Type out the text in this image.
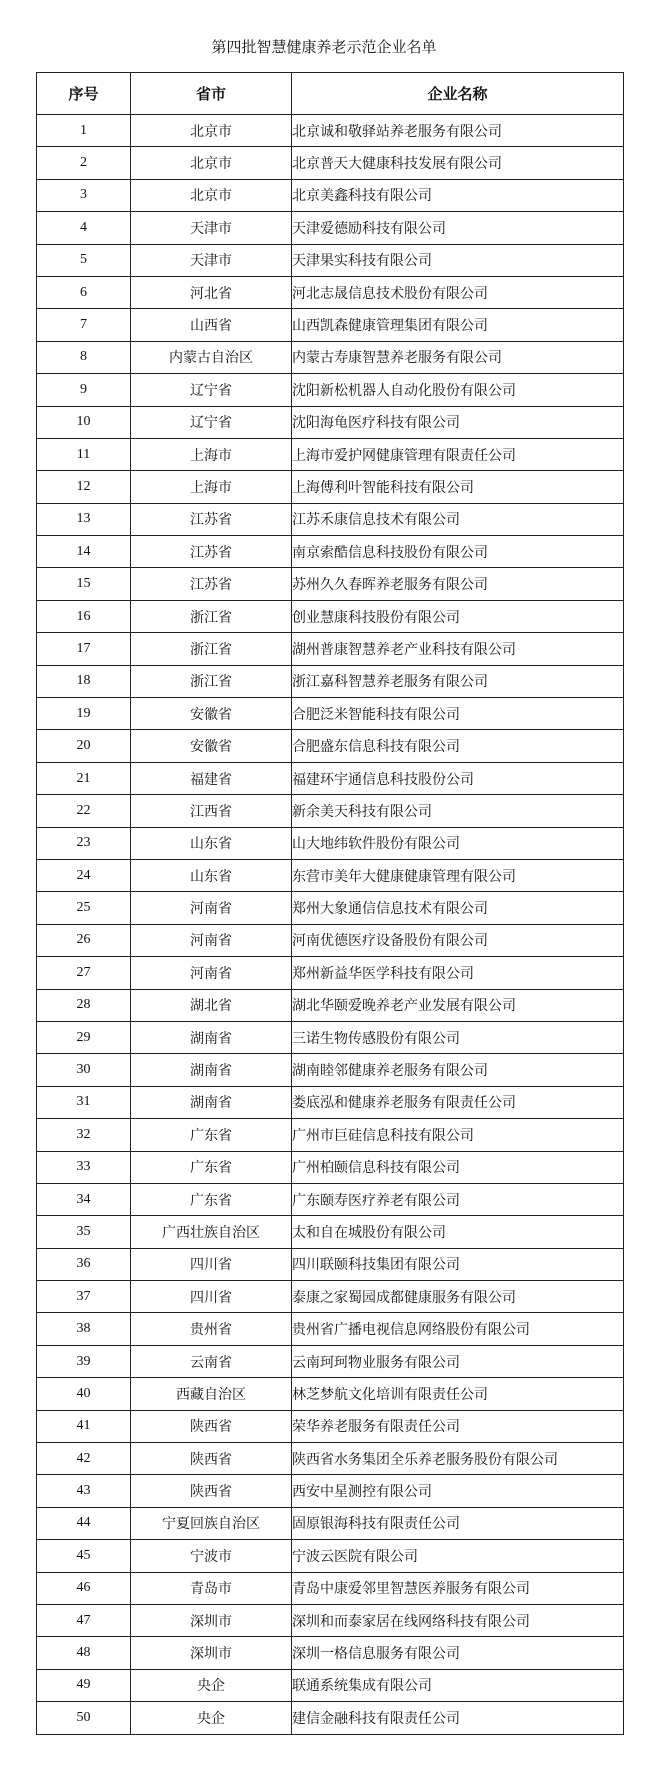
第四批智慧健康养老示范企业名单
序号	省市	企业名称
1	北京市	北京诚和敬驿站养老服务有限公司
2	北京市	北京普天大健康科技发展有限公司
3	北京市	北京美鑫科技有限公司
4	天津市	天津爱德励科技有限公司
5	天津市	天津果实科技有限公司
6	河北省	河北志晟信息技术股份有限公司
7	山西省	山西凯森健康管理集团有限公司
8	内蒙古自治区	内蒙古寿康智慧养老服务有限公司
9	辽宁省	沈阳新松机器人自动化股份有限公司
10	辽宁省	沈阳海龟医疗科技有限公司
11	上海市	上海市爱护网健康管理有限责任公司
12	上海市	上海傅利叶智能科技有限公司
13	江苏省	江苏禾康信息技术有限公司
14	江苏省	南京索酷信息科技股份有限公司
15	江苏省	苏州久久春晖养老服务有限公司
16	浙江省	创业慧康科技股份有限公司
17	浙江省	湖州普康智慧养老产业科技有限公司
18	浙江省	浙江嘉科智慧养老服务有限公司
19	安徽省	合肥泛米智能科技有限公司
20	安徽省	合肥盛东信息科技有限公司
21	福建省	福建环宇通信息科技股份公司
22	江西省	新余美天科技有限公司
23	山东省	山大地纬软件股份有限公司
24	山东省	东营市美年大健康健康管理有限公司
25	河南省	郑州大象通信信息技术有限公司
26	河南省	河南优德医疗设备股份有限公司
27	河南省	郑州新益华医学科技有限公司
28	湖北省	湖北华颐爱晚养老产业发展有限公司
29	湖南省	三诺生物传感股份有限公司
30	湖南省	湖南睦邻健康养老服务有限公司
31	湖南省	娄底泓和健康养老服务有限责任公司
32	广东省	广州市巨硅信息科技有限公司
33	广东省	广州柏颐信息科技有限公司
34	广东省	广东颐寿医疗养老有限公司
35	广西壮族自治区	太和自在城股份有限公司
36	四川省	四川联颐科技集团有限公司
37	四川省	泰康之家蜀园成都健康服务有限公司
38	贵州省	贵州省广播电视信息网络股份有限公司
39	云南省	云南珂珂物业服务有限公司
40	西藏自治区	林芝梦航文化培训有限责任公司
41	陕西省	荣华养老服务有限责任公司
42	陕西省	陕西省水务集团全乐养老服务股份有限公司
43	陕西省	西安中星测控有限公司
44	宁夏回族自治区	固原银海科技有限责任公司
45	宁波市	宁波云医院有限公司
46	青岛市	青岛中康爱邻里智慧医养服务有限公司
47	深圳市	深圳和而泰家居在线网络科技有限公司
48	深圳市	深圳一格信息服务有限公司
49	央企	联通系统集成有限公司
50	央企	建信金融科技有限责任公司
